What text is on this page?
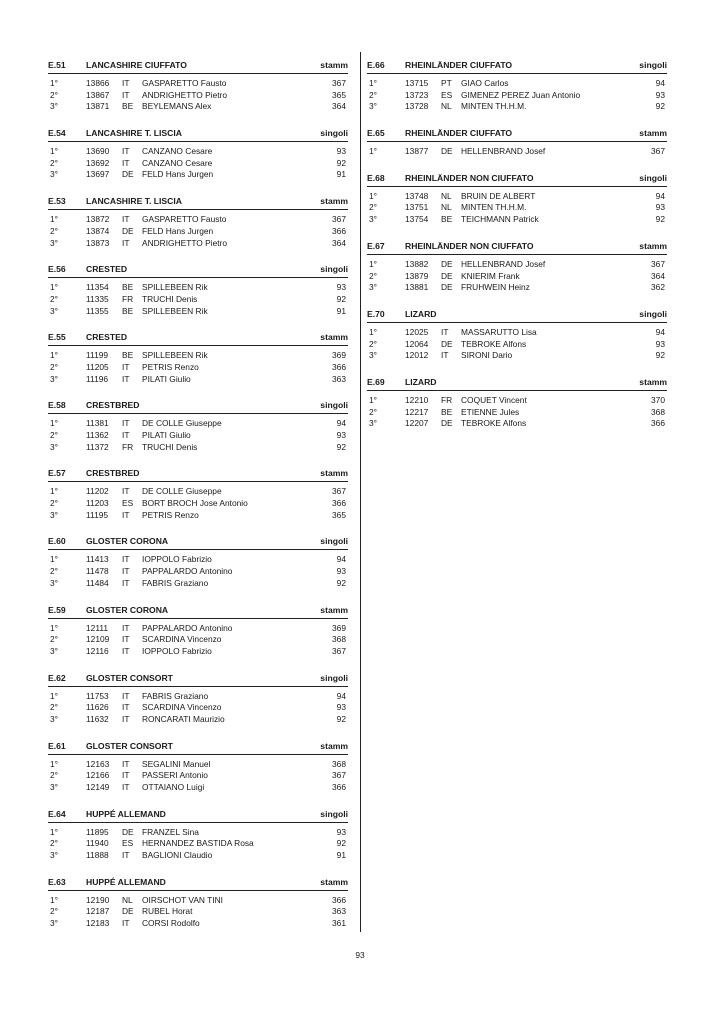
E.51 LANCASHIRE CIUFFATO	stamm
1°	13866 IT GASPARETTO Fausto	367
2°	13867 IT ANDRIGHETTO Pietro	365
3°	13871 BE BEYLEMANS Alex	364
E.54 LANCASHIRE T. LISCIA	singoli
1°	13690 IT CANZANO Cesare	93
2°	13692 IT CANZANO Cesare	92
3°	13697 DE FELD Hans Jurgen	91
E.53 LANCASHIRE T. LISCIA	stamm
1°	13872 IT GASPARETTO Fausto	367
2°	13874 DE FELD Hans Jurgen	366
3°	13873 IT ANDRIGHETTO Pietro	364
E.56 CRESTED	singoli
1°	11354 BE SPILLEBEEN Rik	93
2°	11335 FR TRUCHI Denis	92
3°	11355 BE SPILLEBEEN Rik	91
E.55 CRESTED	stamm
1°	11199 BE SPILLEBEEN Rik	369
2°	11205 IT PETRIS Renzo	366
3°	11196 IT PILATI Giulio	363
E.58 CRESTBRED	singoli
1°	11381 IT DE COLLE Giuseppe	94
2°	11362 IT PILATI Giulio	93
3°	11372 FR TRUCHI Denis	92
E.57 CRESTBRED	stamm
1°	11202 IT DE COLLE Giuseppe	367
2°	11203 ES BORT BROCH Jose Antonio	366
3°	11195 IT PETRIS Renzo	365
E.60 GLOSTER CORONA	singoli
1°	11413 IT IOPPOLO Fabrizio	94
2°	11478 IT PAPPALARDO Antonino	93
3°	11484 IT FABRIS Graziano	92
E.59 GLOSTER CORONA	stamm
1°	12111 IT PAPPALARDO Antonino	369
2°	12109 IT SCARDINA Vincenzo	368
3°	12116 IT IOPPOLO Fabrizio	367
E.62 GLOSTER CONSORT	singoli
1°	11753 IT FABRIS Graziano	94
2°	11626 IT SCARDINA Vincenzo	93
3°	11632 IT RONCARATI Maurizio	92
E.61 GLOSTER CONSORT	stamm
1°	12163 IT SEGALINI Manuel	368
2°	12166 IT PASSERI Antonio	367
3°	12149 IT OTTAIANO Luigi	366
E.64 HUPPÉ ALLEMAND	singoli
1°	11895 DE FRANZEL Sina	93
2°	11940 ES HERNANDEZ BASTIDA Rosa	92
3°	11888 IT BAGLIONI Claudio	91
E.63 HUPPÉ ALLEMAND	stamm
1°	12190 NL OIRSCHOT VAN TINI	366
2°	12187 DE RUBEL Horat	363
3°	12183 IT CORSI Rodolfo	361
E.66 RHEINLÄNDER CIUFFATO	singoli
1°	13715 PT GIAO Carlos	94
2°	13723 ES GIMENEZ PEREZ Juan Antonio	93
3°	13728 NL MINTEN TH.H.M.	92
E.65 RHEINLÄNDER CIUFFATO	stamm
1°	13877 DE HELLENBRAND Josef	367
E.68 RHEINLÄNDER NON CIUFFATO	singoli
1°	13748 NL BRUIN DE ALBERT	94
2°	13751 NL MINTEN TH.H.M.	93
3°	13754 BE TEICHMANN Patrick	92
E.67 RHEINLÄNDER NON CIUFFATO	stamm
1°	13882 DE HELLENBRAND Josef	367
2°	13879 DE KNIERIM Frank	364
3°	13881 DE FRUHWEIN Heinz	362
E.70 LIZARD	singoli
1°	12025 IT MASSARUTTO Lisa	94
2°	12064 DE TEBROKE Alfons	93
3°	12012 IT SIRONI Dario	92
E.69 LIZARD	stamm
1°	12210 FR COQUET Vincent	370
2°	12217 BE ETIENNE Jules	368
3°	12207 DE TEBROKE Alfons	366
93
